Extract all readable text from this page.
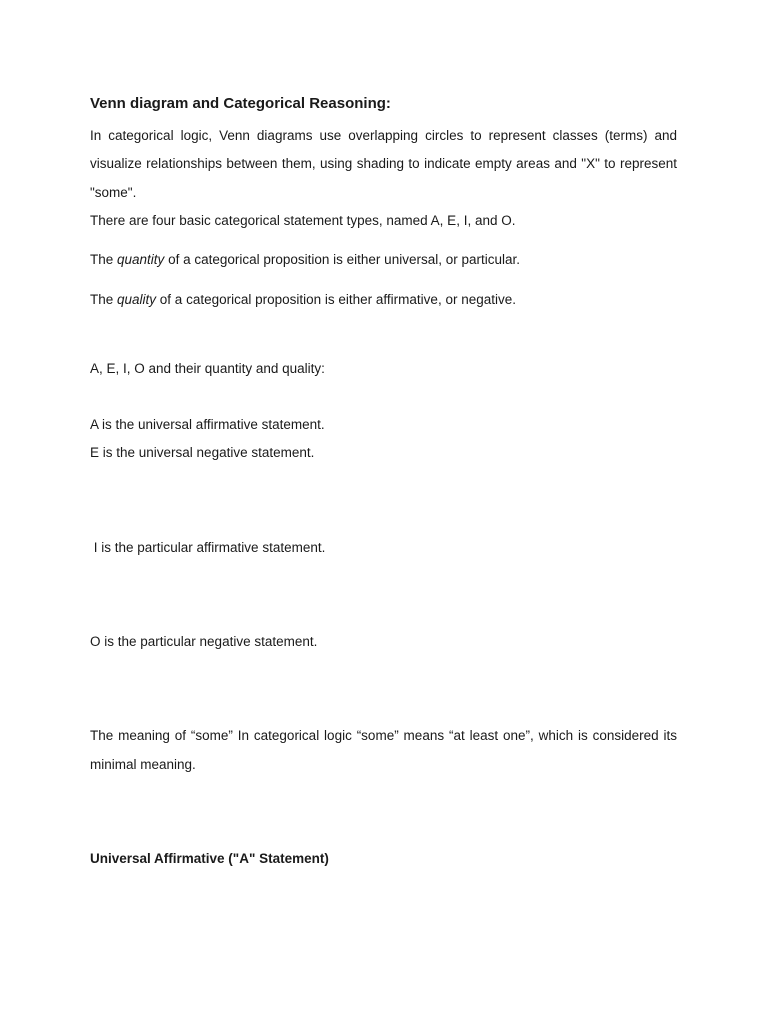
Venn diagram and Categorical Reasoning:
In categorical logic, Venn diagrams use overlapping circles to represent classes (terms) and
visualize relationships between them, using shading to indicate empty areas and "X" to represent
"some".
There are four basic categorical statement types, named A, E, I, and O.
The quantity of a categorical proposition is either universal, or particular.
The quality of a categorical proposition is either affirmative, or negative.
A, E, I, O and their quantity and quality:
A is the universal affirmative statement.
E is the universal negative statement.
I is the particular affirmative statement.
O is the particular negative statement.
The meaning of “some” In categorical logic “some” means “at least one”, which is considered its
minimal meaning.
Universal Affirmative ("A" Statement)
